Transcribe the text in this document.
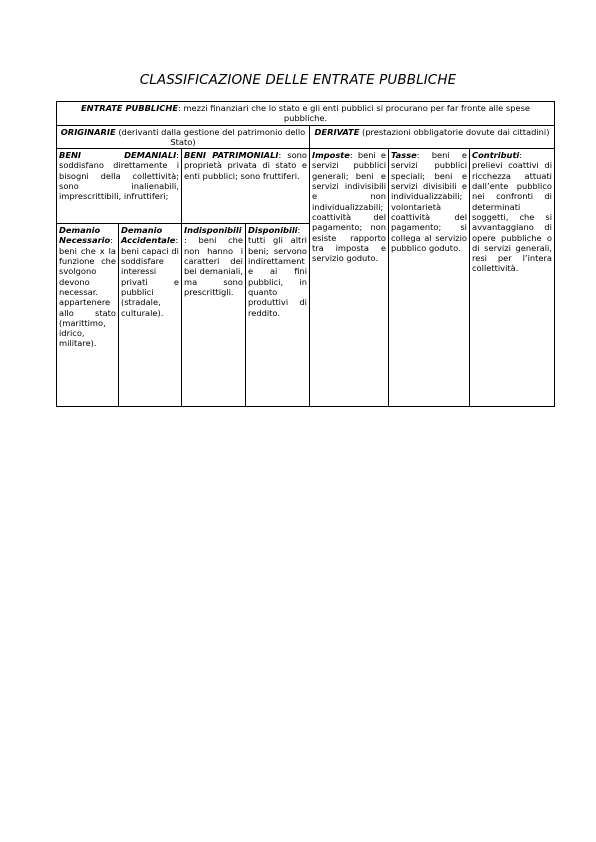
CLASSIFICAZIONE DELLE ENTRATE PUBBLICHE
ENTRATE PUBBLICHE: mezzi finanziari che lo stato e gli enti pubblici si procurano per far fronte alle spese pubbliche.						
ORIGINARIE (derivanti dalla gestione del patrimonio dello Stato)				DERIVATE (prestazioni obbligatorie dovute dai cittadini)		
BENI DEMANIALI: soddisfano direttamente i bisogni della collettività; sono inalienabili, imprescrittibili, infruttiferi;		BENI PATRIMONIALI: sono proprietà privata di stato e enti pubblici; sono fruttiferi.		Imposte: beni e servizi pubblici generali; beni e servizi indivisibili e non individualizzabili; coattività del pagamento; non esiste rapporto tra imposta e servizio goduto.	Tasse: beni e servizi pubblici speciali; beni e servizi divisibili e individualizzabili; volontarietà coattività del pagamento; si collega al servizio pubblico goduto.	Contributi: prelievi coattivi di ricchezza attuati dall’ente pubblico nei confronti di determinati soggetti, che si avvantaggiano di opere pubbliche o di servizi generali, resi per l’intera collettività.
Demanio Necessario: beni che x la funzione che svolgono devono necessar. appartenere allo stato (marittimo, idrico, militare).	Demanio Accidentale: beni capaci di soddisfare interessi privati e pubblici (stradale, culturale).	Indisponibili: beni che non hanno i caratteri dei bei demaniali, ma sono prescrittigli.	Disponibili: tutti gli altri beni; servono indirettamente ai fini pubblici, in quanto produttivi di reddito.			
